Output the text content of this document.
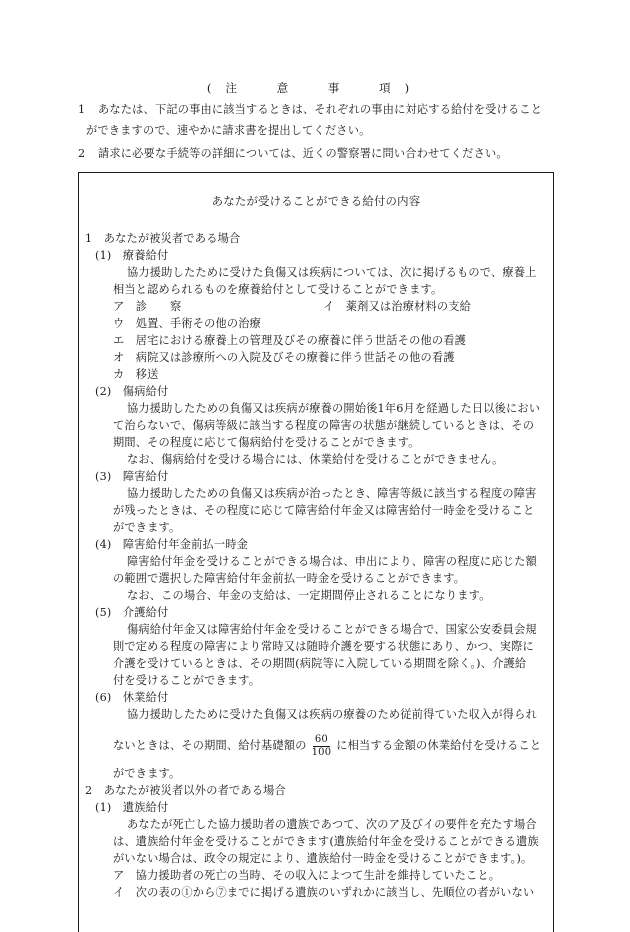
(注　意　事　項)
1 あなたは、下記の事由に該当するときは、それぞれの事由に対応する給付を受けること
ができますので、速やかに請求書を提出してください。
2 請求に必要な手続等の詳細については、近くの警察署に問い合わせてください。
あなたが受けることができる給付の内容
1　あなたが被災者である場合
(1)　療養給付
協力援助したために受けた負傷又は疾病については、次に掲げるもので、療養上
相当と認められるものを療養給付として受けることができます。
ア　診　　察	イ　薬剤又は治療材料の支給
ウ　処置、手術その他の治療
エ　居宅における療養上の管理及びその療養に伴う世話その他の看護
オ　病院又は診療所への入院及びその療養に伴う世話その他の看護
カ　移送
(2)　傷病給付
協力援助したための負傷又は疾病が療養の開始後1年6月を経過した日以後におい
て治らないで、傷病等級に該当する程度の障害の状態が継続しているときは、その
期間、その程度に応じて傷病給付を受けることができます。
なお、傷病給付を受ける場合には、休業給付を受けることができません。
(3)　障害給付
協力援助したための負傷又は疾病が治ったとき、障害等級に該当する程度の障害
が残ったときは、その程度に応じて障害給付年金又は障害給付一時金を受けること
ができます。
(4)　障害給付年金前払一時金
障害給付年金を受けることができる場合は、申出により、障害の程度に応じた額
の範囲で選択した障害給付年金前払一時金を受けることができます。
なお、この場合、年金の支給は、一定期間停止されることになります。
(5)　介護給付
傷病給付年金又は障害給付年金を受けることができる場合で、国家公安委員会規
則で定める程度の障害により常時又は随時介護を要する状態にあり、かつ、実際に
介護を受けているときは、その期間(病院等に入院している期間を除く。)、介護給
付を受けることができます。
(6)　休業給付
協力援助したために受けた負傷又は疾病の療養のため従前得ていた収入が得られ
ないときは、その期間、給付基礎額の $\frac{60}{100}$ に相当する金額の休業給付を受けること
ができます。
2　あなたが被災者以外の者である場合
(1)　遺族給付
あなたが死亡した協力援助者の遺族であつて、次のア及びイの要件を充たす場合
は、遺族給付年金を受けることができます(遺族給付年金を受けることができる遺族
がいない場合は、政令の規定により、遺族給付一時金を受けることができます。)。
ア　協力援助者の死亡の当時、その収入によつて生計を維持していたこと。
イ　次の表の①から⑦までに掲げる遺族のいずれかに該当し、先順位の者がいない
